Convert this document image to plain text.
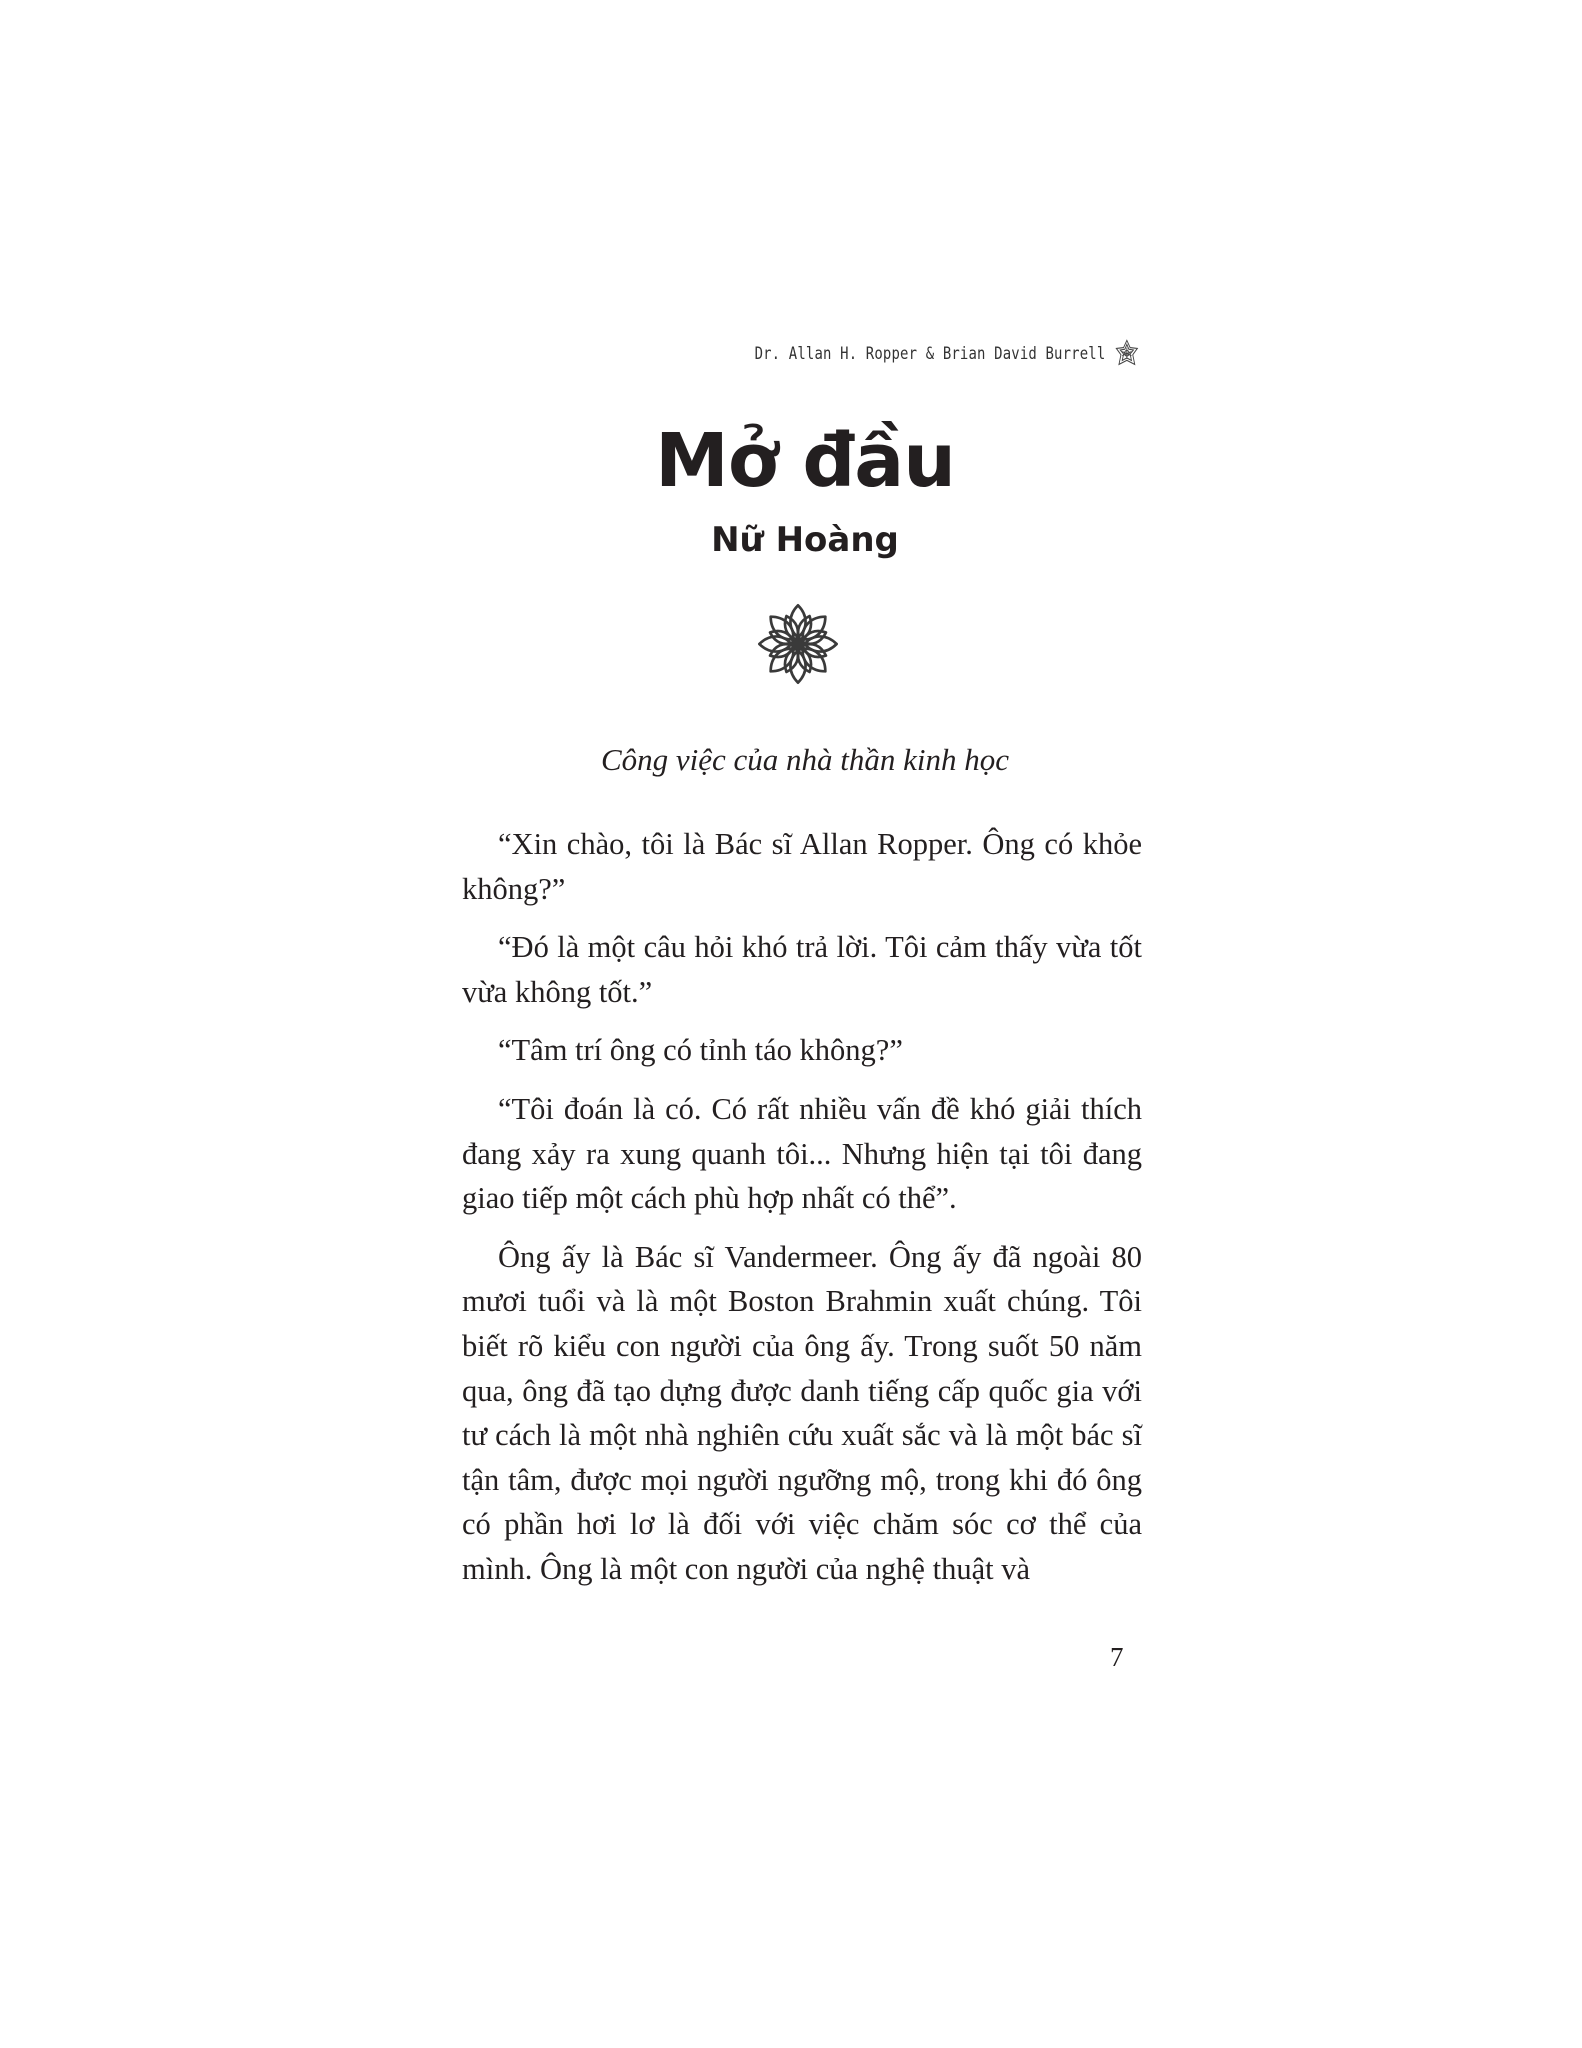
Dr. Allan H. Ropper & Brian David Burrell
Mở đầu
Nữ Hoàng
Công việc của nhà thần kinh học

“Xin chào, tôi là Bác sĩ Allan Ropper. Ông có khỏe không?”

“Đó là một câu hỏi khó trả lời. Tôi cảm thấy vừa tốt vừa không tốt.”

“Tâm trí ông có tỉnh táo không?”

“Tôi đoán là có. Có rất nhiều vấn đề khó giải thích đang xảy ra xung quanh tôi... Nhưng hiện tại tôi đang giao tiếp một cách phù hợp nhất có thể”.

Ông ấy là Bác sĩ Vandermeer. Ông ấy đã ngoài 80 mươi tuổi và là một Boston Brahmin xuất chúng. Tôi biết rõ kiểu con người của ông ấy. Trong suốt 50 năm qua, ông đã tạo dựng được danh tiếng cấp quốc gia với tư cách là một nhà nghiên cứu xuất sắc và là một bác sĩ tận tâm, được mọi người ngưỡng mộ, trong khi đó ông có phần hơi lơ là đối với việc chăm sóc cơ thể của mình. Ông là một con người của nghệ thuật và

7
